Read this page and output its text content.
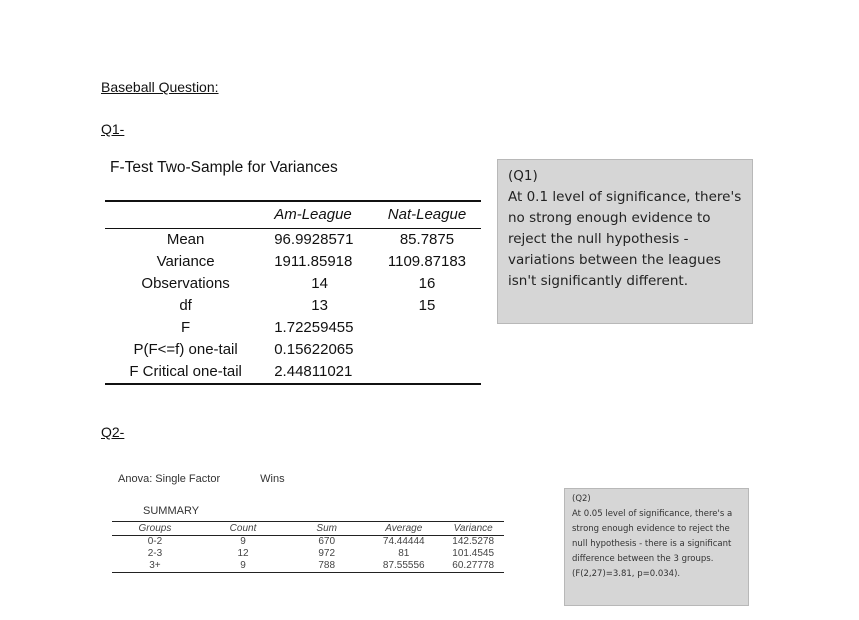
Baseball Question:
Q1-
F-Test Two-Sample for Variances
	Am-League	Nat-League
Mean	96.9928571	85.7875
Variance	1911.85918	1109.87183
Observations	14	16
df	13	15
F	1.72259455	
P(F<=f) one-tail	0.15622065	
F Critical one-tail	2.44811021	
(Q1)
At 0.1 level of significance, there's no strong enough evidence to reject the null hypothesis - variations between the leagues isn't significantly different.
Q2-
Anova: Single Factor	Wins
SUMMARY
Groups	Count	Sum	Average	Variance
0-2	9	670	74.44444	142.5278
2-3	12	972	81	101.4545
3+	9	788	87.55556	60.27778
(Q2)
At 0.05 level of significance, there's a strong enough evidence to reject the null hypothesis - there is a significant difference between the 3 groups.
(F(2,27)=3.81, p=0.034).
